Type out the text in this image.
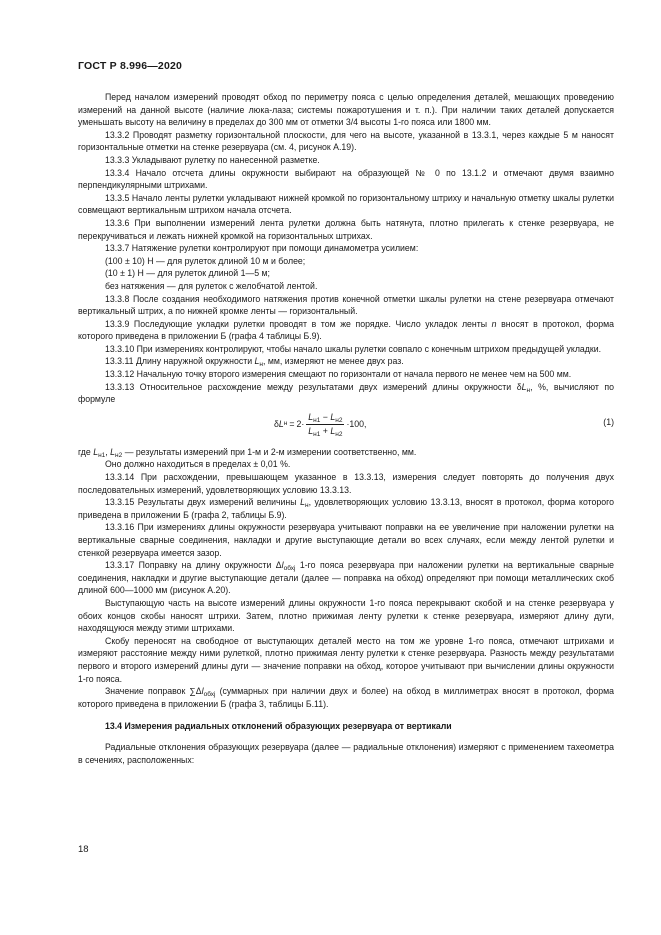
ГОСТ Р 8.996—2020

Перед началом измерений проводят обход по периметру пояса с целью определения деталей, мешающих проведению измерений на данной высоте (наличие люка-лаза; системы пожаротушения и т. п.). При наличии таких деталей допускается уменьшать высоту на величину в пределах до 300 мм от отметки 3/4 высоты 1-го пояса или 1800 мм.

13.3.2 Проводят разметку горизонтальной плоскости, для чего на высоте, указанной в 13.3.1, через каждые 5 м наносят горизонтальные отметки на стенке резервуара (см. 4, рисунок А.19).

13.3.3 Укладывают рулетку по нанесенной разметке.

13.3.4 Начало отсчета длины окружности выбирают на образующей № 0 по 13.1.2 и отмечают двумя взаимно перпендикулярными штрихами.

13.3.5 Начало ленты рулетки укладывают нижней кромкой по горизонтальному штриху и начальную отметку шкалы рулетки совмещают вертикальным штрихом начала отсчета.

13.3.6 При выполнении измерений лента рулетки должна быть натянута, плотно прилегать к стенке резервуара, не перекручиваться и лежать нижней кромкой на горизонтальных штрихах.

13.3.7 Натяжение рулетки контролируют при помощи динамометра усилием:

(100 ± 10) Н — для рулеток длиной 10 м и более;

(10 ± 1) Н — для рулеток длиной 1—5 м;

без натяжения — для рулеток с желобчатой лентой.

13.3.8 После создания необходимого натяжения против конечной отметки шкалы рулетки на стене резервуара отмечают вертикальный штрих, а по нижней кромке ленты — горизонтальный.

13.3.9 Последующие укладки рулетки проводят в том же порядке. Число укладок ленты n вносят в протокол, форма которого приведена в приложении Б (графа 4 таблицы Б.9).

13.3.10 При измерениях контролируют, чтобы начало шкалы рулетки совпало с конечным штрихом предыдущей укладки.

13.3.11 Длину наружной окружности $L_н$, мм, измеряют не менее двух раз.

13.3.12 Начальную точку второго измерения смещают по горизонтали от начала первого не менее чем на 500 мм.

13.3.13 Относительное расхождение между результатами двух измерений длины окружности $\delta L_н$, %, вычисляют по формуле

δ L $н = 2 \cdot \frac{L_{н1} - L_{н2}}{L_{н1} + L_{н2}} \cdot 100$ ,	(1)

где $L_{н1}$, $L_{н2}$ — результаты измерений при 1-м и 2-м измерении соответственно, мм.

Оно должно находиться в пределах ± 0,01 %.

13.3.14 При расхождении, превышающем указанное в 13.3.13, измерения следует повторять до получения двух последовательных измерений, удовлетворяющих условию 13.3.13.

13.3.15 Результаты двух измерений величины $L_н$, удовлетворяющих условию 13.3.13, вносят в протокол, форма которого приведена в приложении Б (графа 2, таблицы Б.9).

13.3.16 При измерениях длины окружности резервуара учитывают поправки на ее увеличение при наложении рулетки на вертикальные сварные соединения, накладки и другие выступающие детали во всех случаях, если между лентой рулетки и стенкой резервуара имеется зазор.

13.3.17 Поправку на длину окружности $\Delta l_{обхj}$ 1-го пояса резервуара при наложении рулетки на вертикальные сварные соединения, накладки и другие выступающие детали (далее — поправка на обход) определяют при помощи металлических скоб длиной 600—1000 мм (рисунок А.20).

Выступающую часть на высоте измерений длины окружности 1-го пояса перекрывают скобой и на стенке резервуара у обоих концов скобы наносят штрихи. Затем, плотно прижимая ленту рулетки к стенке резервуара, измеряют длину дуги, находящуюся между этими штрихами.

Скобу переносят на свободное от выступающих деталей место на том же уровне 1-го пояса, отмечают штрихами и измеряют расстояние между ними рулеткой, плотно прижимая ленту рулетки к стенке резервуара. Разность между результатами первого и второго измерений длины дуги — значение поправки на обход, которое учитывают при вычислении длины окружности 1-го пояса.

Значение поправок $\sum\Delta l_{обхj}$ (суммарных при наличии двух и более) на обход в миллиметрах вносят в протокол, форма которого приведена в приложении Б (графа 3, таблицы Б.11).

13.4 Измерения радиальных отклонений образующих резервуара от вертикали

Радиальные отклонения образующих резервуара (далее — радиальные отклонения) измеряют с применением тахеометра в сечениях, расположенных:

18
